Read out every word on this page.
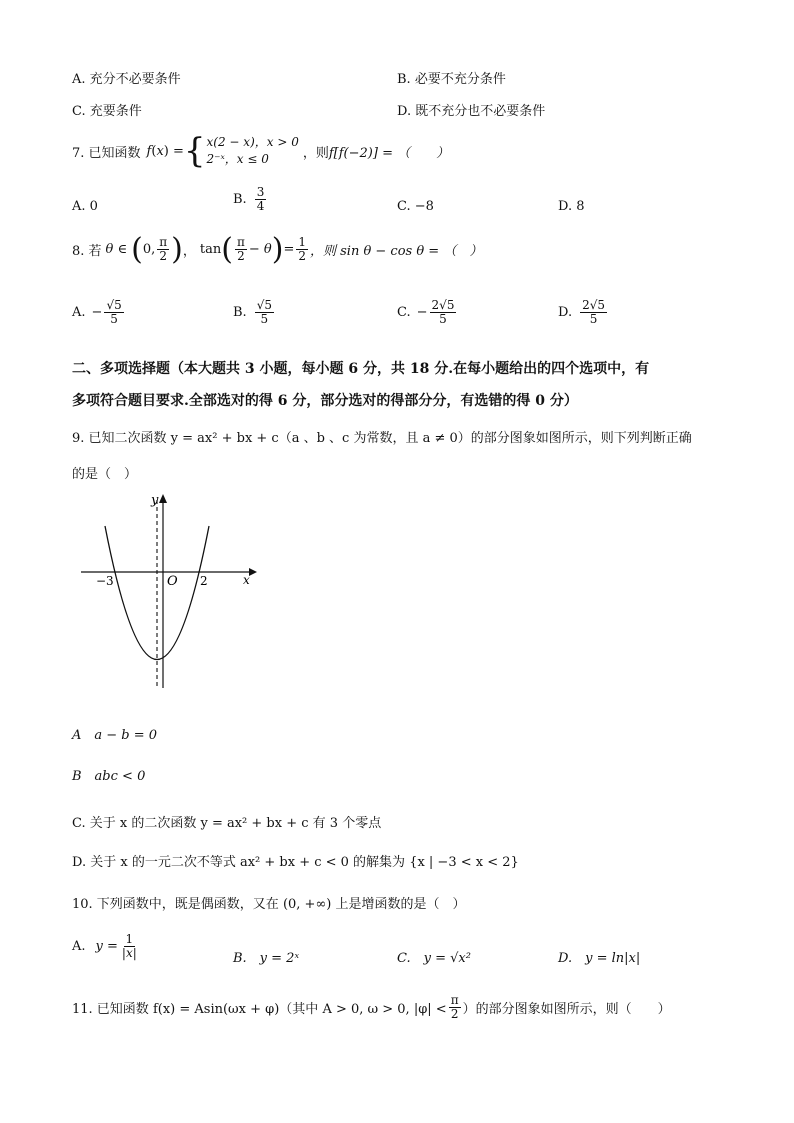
A. 充分不必要条件	B. 必要不充分条件
C. 充要条件	D. 既不充分也不必要条件
7. 已知函数 f ( x ) = { x(2 − x)，x > 0
2⁻ˣ，x ≤ 0	，则 f[f(−2)] = （　　）
A. 0	B. $\frac{3}{4}$	C. −8	D. 8
8. 若 θ ∈ ( 0, $\frac{\pi}{2}$ ) ， tan ( $\frac{\pi}{2} - \theta$ ) = $\frac{1}{2}$ ，则 sin θ − cos θ = （　）
A. − $\frac{√5}{5}$	B. $\frac{√5}{5}$	C. − $\frac{2√5}{5}$	D. $\frac{2√5}{5}$
二、多项选择题（本大题共 3 小题，每小题 6 分，共 18 分.在每小题给出的四个选项中，有
多项符合题目要求.全部选对的得 6 分，部分选对的得部分分，有选错的得 0 分）
9. 已知二次函数 y = ax² + bx + c（a 、b 、c 为常数，且 a ≠ 0）的部分图象如图所示，则下列判断正确
的是（　）
y
x
O
−3	2
A　a − b = 0
B　abc < 0
C. 关于 x 的二次函数 y = ax² + bx + c 有 3 个零点
D. 关于 x 的一元二次不等式 ax² + bx + c < 0 的解集为 {x | −3 < x < 2}
10. 下列函数中，既是偶函数，又在 (0, +∞) 上是增函数的是（　）
A. $y = \frac{1}{|x|}$	B.　y = 2ˣ	C.　y = √x²	D.　y = ln|x|
11. 已知函数 f(x) = Asin(ωx + φ)（其中 A > 0, ω > 0, $|\varphi| < \frac{\pi}{2}$ ）的部分图象如图所示，则（　　）
